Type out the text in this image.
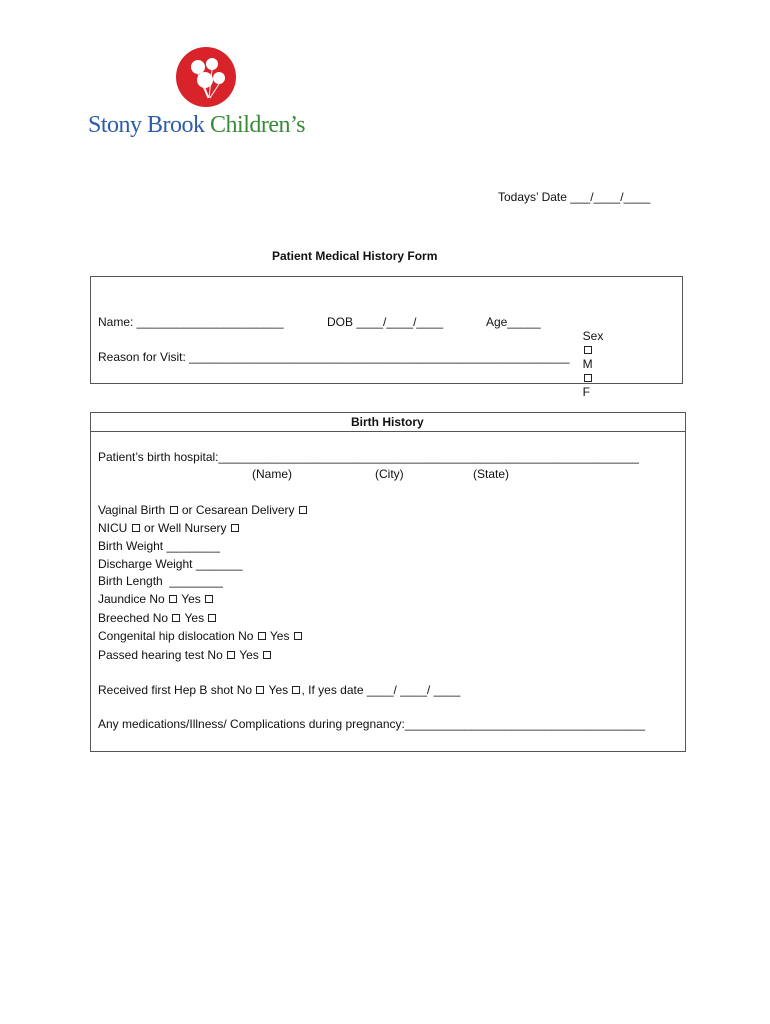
Stony Brook Children’s
Todays’ Date ___/____/____
Patient Medical History Form
Name: ______________________	DOB ____/____/____	Age_____

Sex

M

F

Reason for Visit: _________________________________________________________
Birth History
Patient’s birth hospital:_______________________________________________________________
(Name)	(City)	(State)
Vaginal Birth or Cesarean Delivery
NICU or Well Nursery
Birth Weight ________
Discharge Weight _______
Birth Length  ________
Jaundice No Yes
Breeched No Yes
Congenital hip dislocation No Yes
Passed hearing test No Yes
Received first Hep B shot No Yes , If yes date ____/ ____/ ____
Any medications/Illness/ Complications during pregnancy:____________________________________
